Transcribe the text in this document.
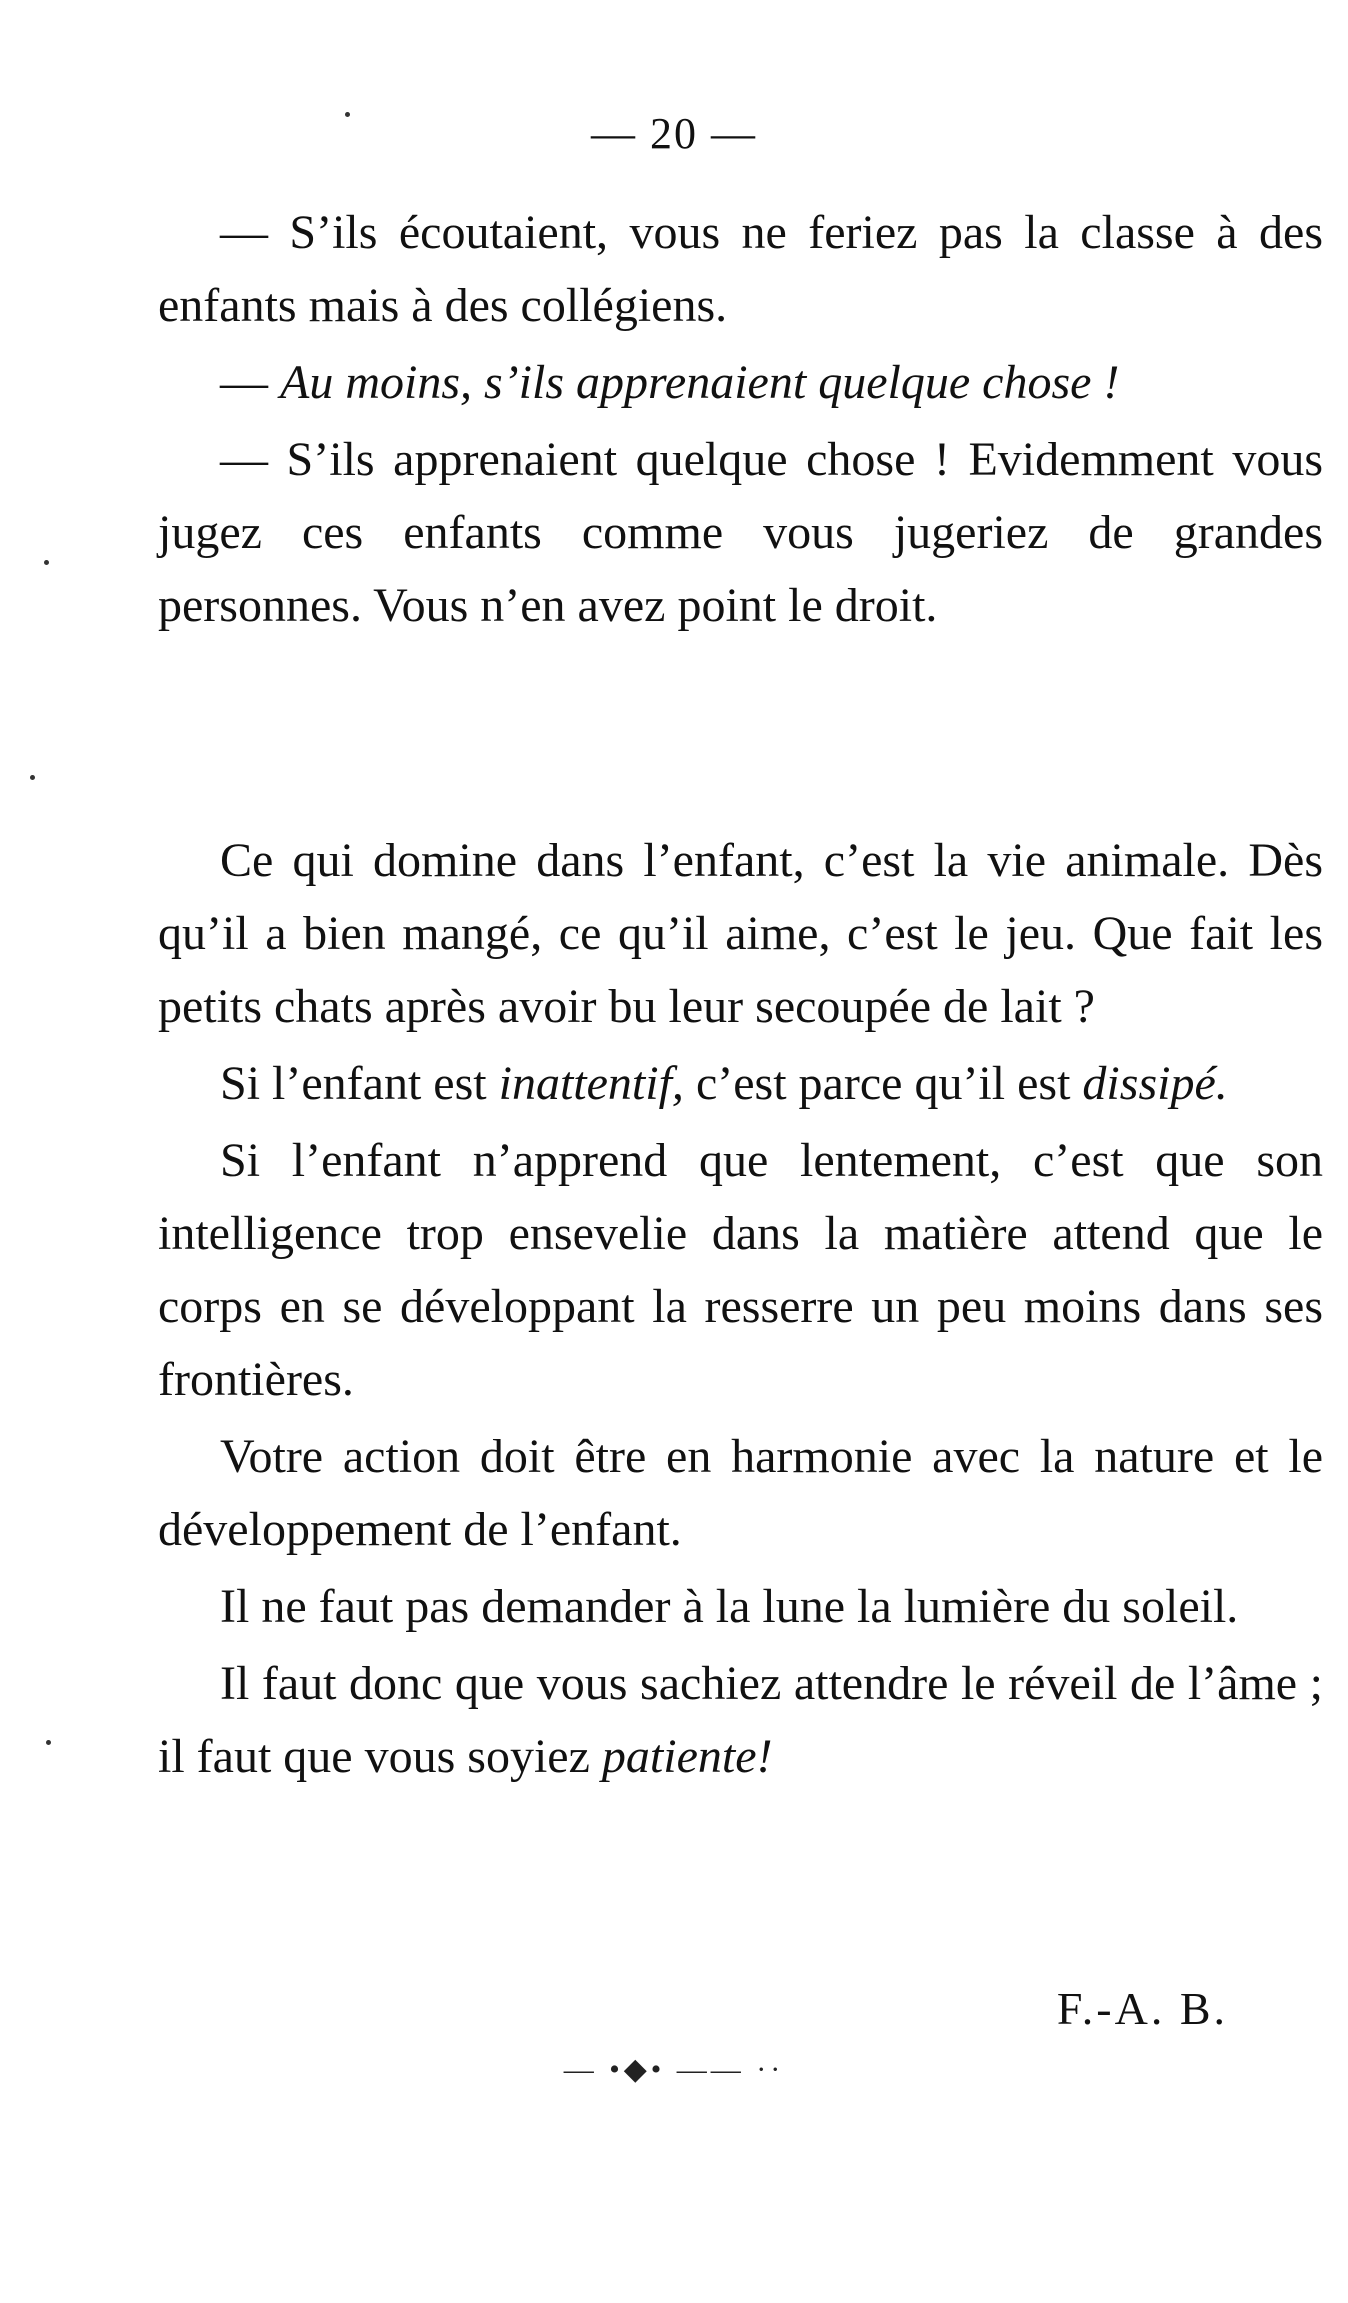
— 20 —

— S’ils écoutaient, vous ne feriez pas la classe à des enfants mais à des collégiens.

— Au moins, s’ils apprenaient quelque chose !

— S’ils apprenaient quelque chose ! Evidemment vous jugez ces enfants comme vous jugeriez de grandes personnes. Vous n’en avez point le droit.

Ce qui domine dans l’enfant, c’est la vie animale. Dès qu’il a bien mangé, ce qu’il aime, c’est le jeu. Que fait les petits chats après avoir bu leur secoupée de lait ?

Si l’enfant est inattentif, c’est parce qu’il est dissipé.

Si l’enfant n’apprend que lentement, c’est que son intelligence trop ensevelie dans la matière attend que le corps en se développant la resserre un peu moins dans ses frontières.

Votre action doit être en harmonie avec la nature et le développement de l’enfant.

Il ne faut pas demander à la lune la lumière du soleil.

Il faut donc que vous sachiez attendre le réveil de l’âme ; il faut que vous soyiez patiente!

F.-A. B.
— •◆• —— ··
